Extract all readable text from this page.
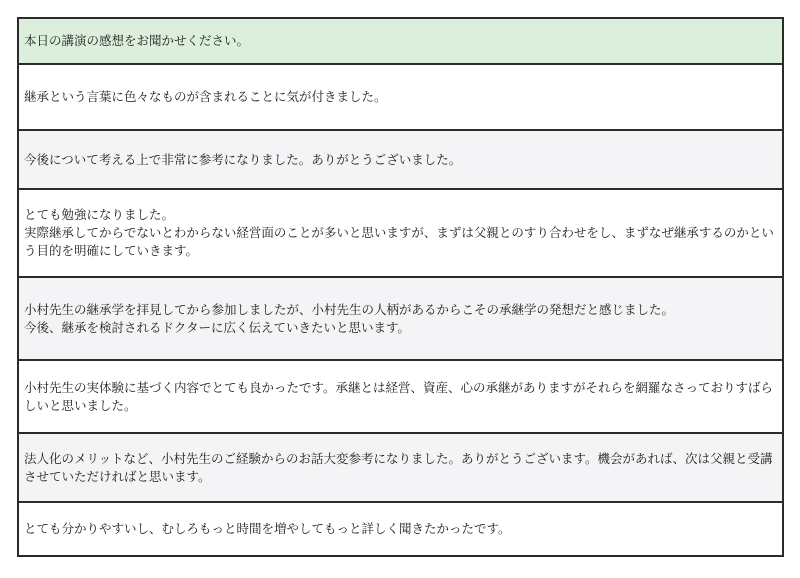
本日の講演の感想をお聞かせください。
継承という言葉に色々なものが含まれることに気が付きました。
今後について考える上で非常に参考になりました。ありがとうございました。
とても勉強になりました。
実際継承してからでないとわからない経営面のことが多いと思いますが、まずは父親とのすり合わせをし、まずなぜ継承するのかという目的を明確にしていきます。
小村先生の継承学を拝見してから参加しましたが、小村先生の人柄があるからこその承継学の発想だと感じました。
今後、継承を検討されるドクターに広く伝えていきたいと思います。
小村先生の実体験に基づく内容でとても良かったです。承継とは経営、資産、心の承継がありますがそれらを網羅なさっておりすばらしいと思いました。
法人化のメリットなど、小村先生のご経験からのお話大変参考になりました。ありがとうございます。機会があれば、次は父親と受講させていただければと思います。
とても分かりやすいし、むしろもっと時間を増やしてもっと詳しく聞きたかったです。
